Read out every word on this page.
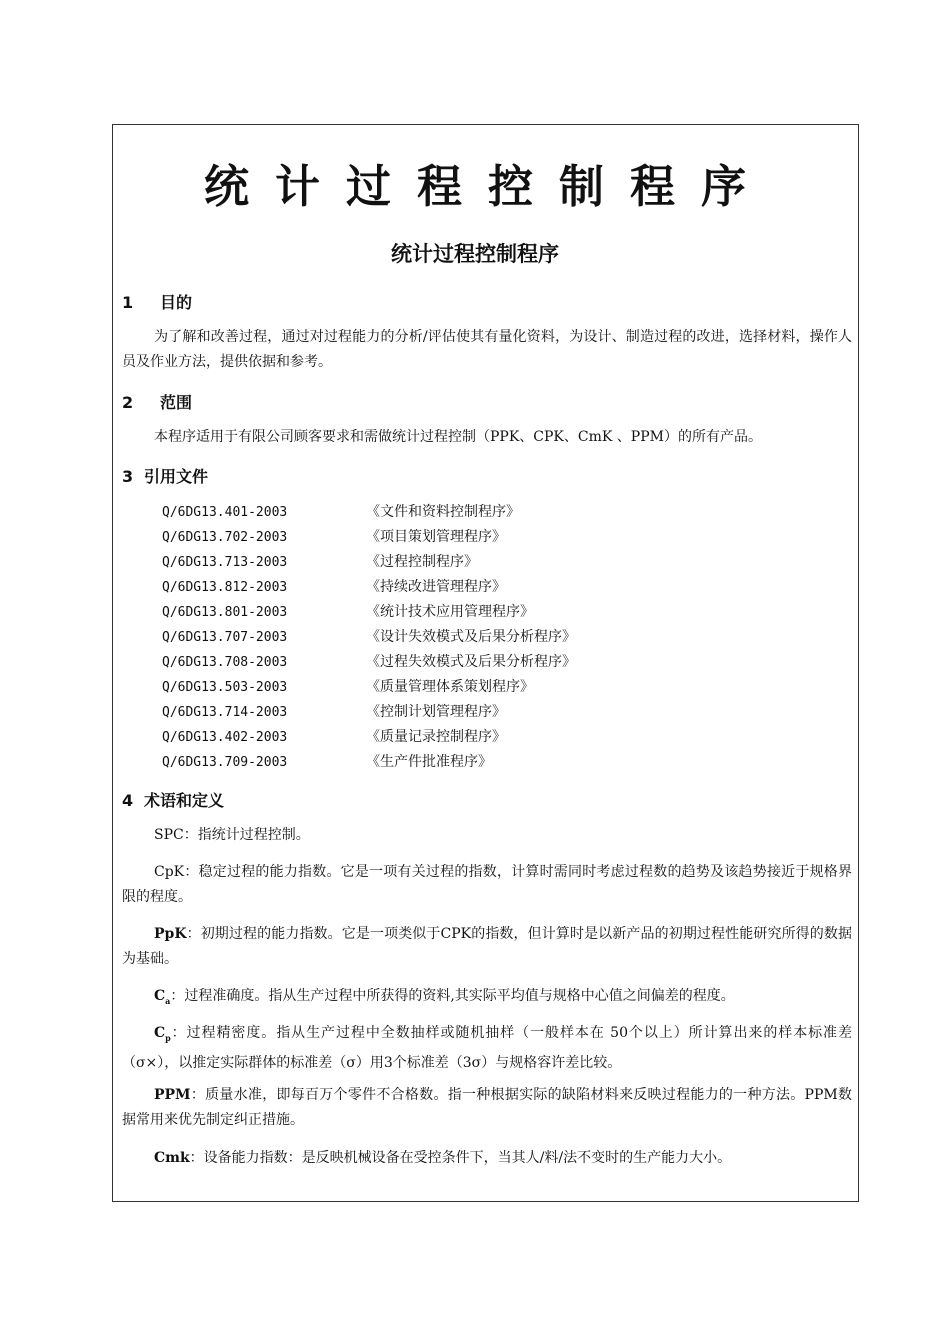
统计过程控制程序
统计过程控制程序
1 目的
为了解和改善过程，通过对过程能力的分析/评估使其有量化资料，为设计、制造过程的改进，选择材料，操作人员及作业方法，提供依据和参考。
2 范围
本程序适用于有限公司顾客要求和需做统计过程控制（PPK、CPK、CmK 、PPM）的所有产品。
3 引用文件
Q/6DG13.401-2003	《文件和资料控制程序》
Q/6DG13.702-2003	《项目策划管理程序》
Q/6DG13.713-2003	《过程控制程序》
Q/6DG13.812-2003	《持续改进管理程序》
Q/6DG13.801-2003	《统计技术应用管理程序》
Q/6DG13.707-2003	《设计失效模式及后果分析程序》
Q/6DG13.708-2003	《过程失效模式及后果分析程序》
Q/6DG13.503-2003	《质量管理体系策划程序》
Q/6DG13.714-2003	《控制计划管理程序》
Q/6DG13.402-2003	《质量记录控制程序》
Q/6DG13.709-2003	《生产件批准程序》
4 术语和定义
SPC：指统计过程控制。
CpK：稳定过程的能力指数。它是一项有关过程的指数，计算时需同时考虑过程数的趋势及该趋势接近于规格界限的程度。
PpK：初期过程的能力指数。它是一项类似于CPK的指数，但计算时是以新产品的初期过程性能研究所得的数据为基础。
$C_a$：过程准确度。指从生产过程中所获得的资料,其实际平均值与规格中心值之间偏差的程度。
$C_p$：过程精密度。指从生产过程中全数抽样或随机抽样（一般样本在 50个以上）所计算出来的样本标准差（σ×），以推定实际群体的标准差（σ）用3个标准差（3σ）与规格容许差比较。
PPM：质量水准，即每百万个零件不合格数。指一种根据实际的缺陷材料来反映过程能力的一种方法。PPM数据常用来优先制定纠正措施。
Cmk：设备能力指数：是反映机械设备在受控条件下，当其人/料/法不变时的生产能力大小。
